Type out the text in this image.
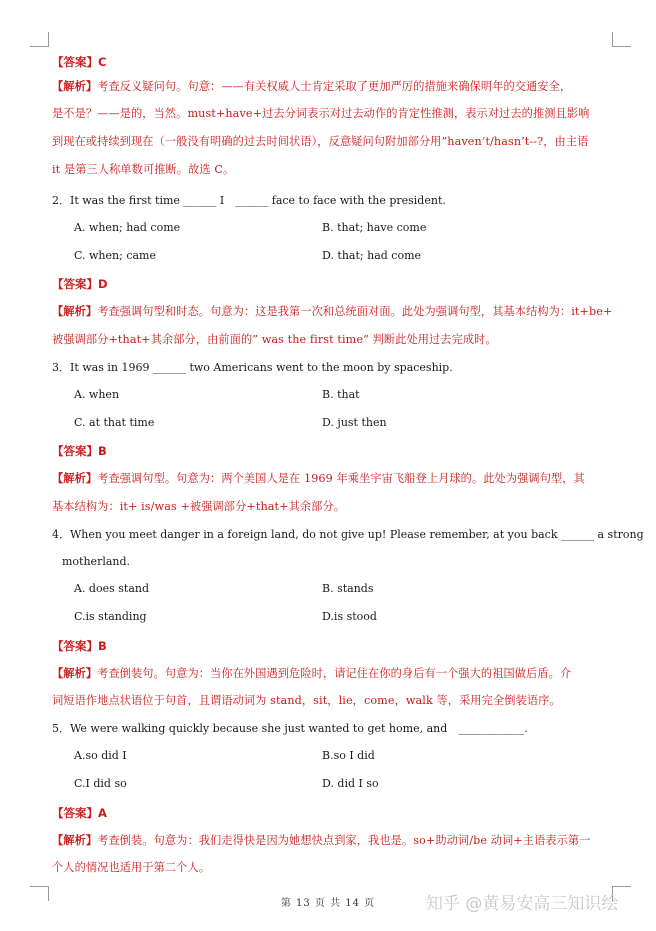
【答案】C
【解析】考查反义疑问句。句意：——有关权威人士肯定采取了更加严厉的措施来确保明年的交通安全，
是不是？——是的，当然。must+have+过去分词表示对过去动作的肯定性推测，表示对过去的推测且影响
到现在或持续到现在（一般没有明确的过去时间状语），反意疑问句附加部分用”haven’t/hasn’t--?，由主语
it 是第三人称单数可推断。故选 C。
2．It was the first time ______ I　______ face to face with the president.
A. when; had come	B. that; have come
C. when; came	D. that; had come
【答案】D
【解析】考查强调句型和时态。句意为：这是我第一次和总统面对面。此处为强调句型，其基本结构为：it+be+
被强调部分+that+其余部分，由前面的” was the first time” 判断此处用过去完成时。
3．It was in 1969 ______ two Americans went to the moon by spaceship.
A. when	B. that
C. at that time	D. just then
【答案】B
【解析】考查强调句型。句意为：两个美国人是在 1969 年乘坐宇宙飞船登上月球的。此处为强调句型，其
基本结构为：it+ is/was +被强调部分+that+其余部分。
4．When you meet danger in a foreign land, do not give up! Please remember, at you back ______ a strong
motherland.
A. does stand	B. stands
C.is standing	D.is stood
【答案】B
【解析】考查倒装句。句意为：当你在外国遇到危险时，请记住在你的身后有一个强大的祖国做后盾。介
词短语作地点状语位于句首，且谓语动词为 stand，sit，lie，come，walk 等，采用完全倒装语序。
5．We were walking quickly because she just wanted to get home, and　____________.
A.so did I	B.so I did
C.I did so	D. did I so
【答案】A
【解析】考查倒装。句意为：我们走得快是因为她想快点到家，我也是。so+助动词/be 动词+主语表示第一
个人的情况也适用于第二个人。
第 13 页 共 14 页	知乎 @黄易安高三知识绘
